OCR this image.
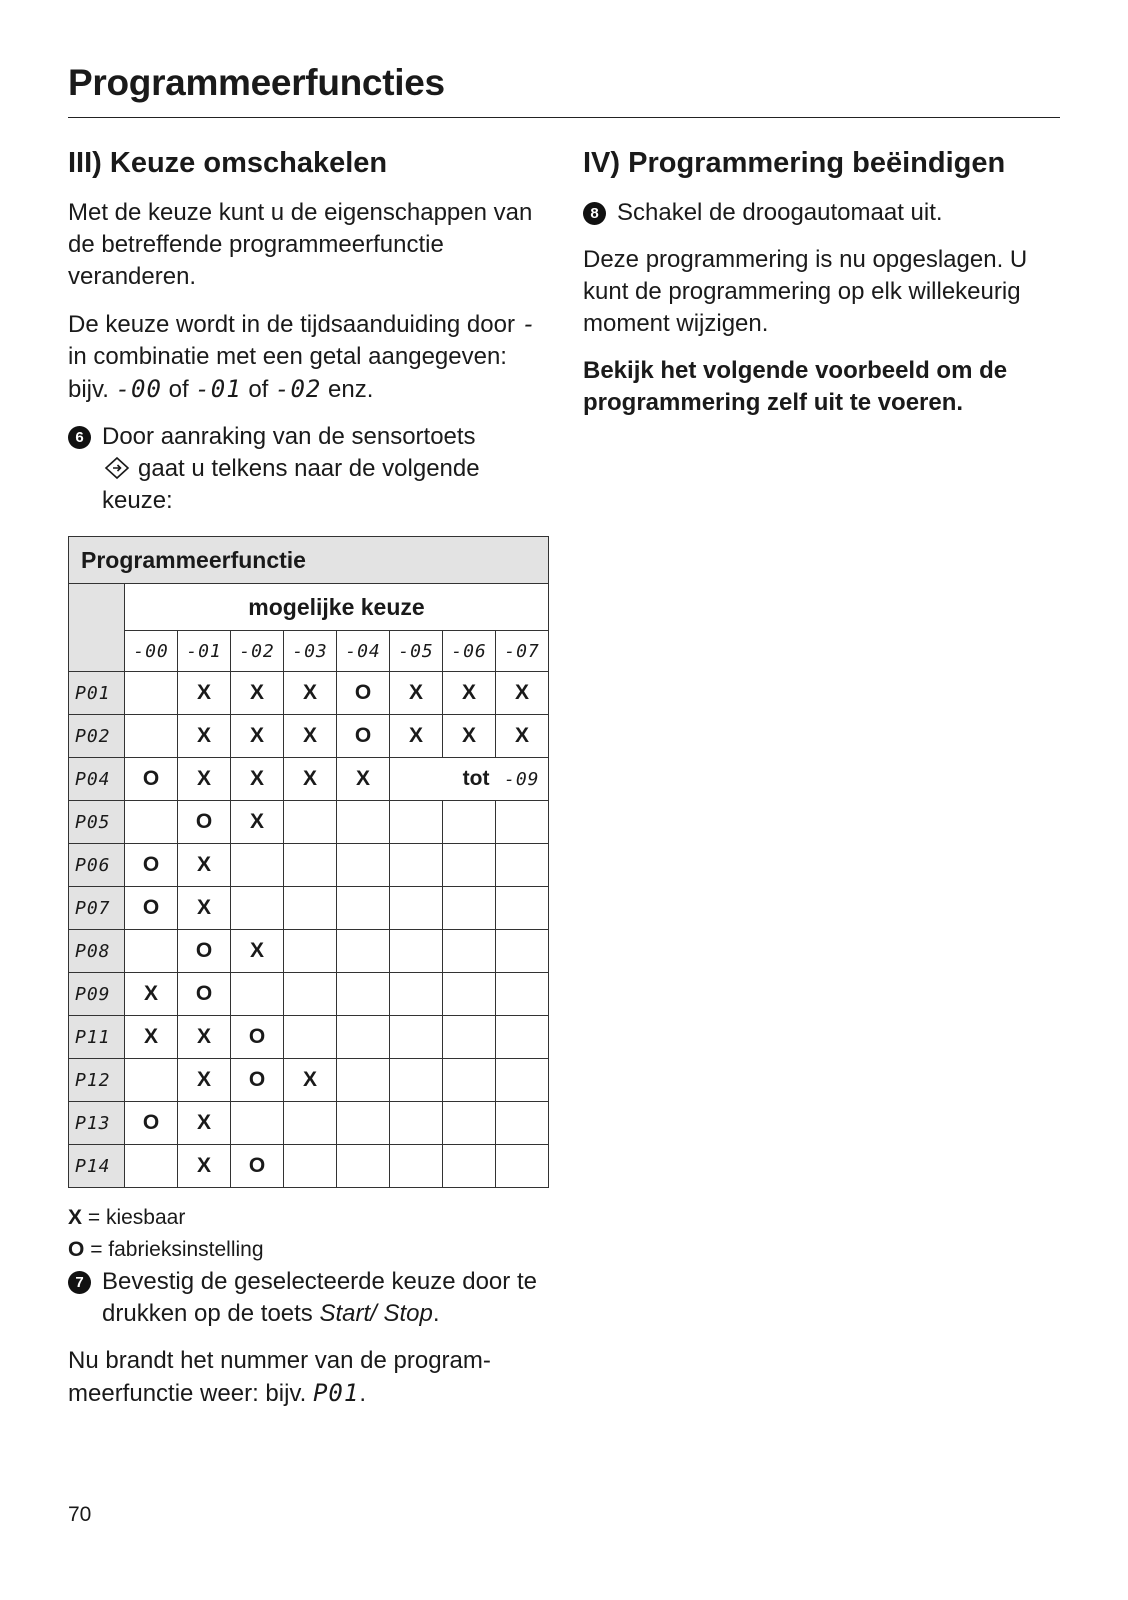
Programmeerfuncties
III) Keuze omschakelen

Met de keuze kunt u de eigenschappen van de betreffende programmeerfunctie veranderen.

De keuze wordt in de tijdsaanduiding door - in combinatie met een getal aangegeven: bijv. -00 of -01 of -02 enz.

6 Door aanraking van de sensortoets
gaat u telkens naar de volgende keuze:

Programmeerfunctie								
	mogelijke keuze							
	-00	-01	-02	-03	-04	-05	-06	-07
P01		X	X	X	O	X	X	X
P02		X	X	X	O	X	X	X
P04	O	X	X	X	X	tot		-09
P05		O	X					
P06	O	X						
P07	O	X						
P08		O	X					
P09	X	O						
P11	X	X	O					
P12		X	O	X				
P13	O	X						
P14		X	O					
X = kiesbaar
O = fabrieksinstelling

7 Bevestig de geselecteerde keuze door te drukken op de toets Start/ Stop.

Nu brandt het nummer van de programmeerfunctie weer: bijv. P01.

IV) Programmering beëindigen

8 Schakel de droogautomaat uit.

Deze programmering is nu opgeslagen. U kunt de programmering op elk willekeurig moment wijzigen.

Bekijk het volgende voorbeeld om de programmering zelf uit te voeren.

70
